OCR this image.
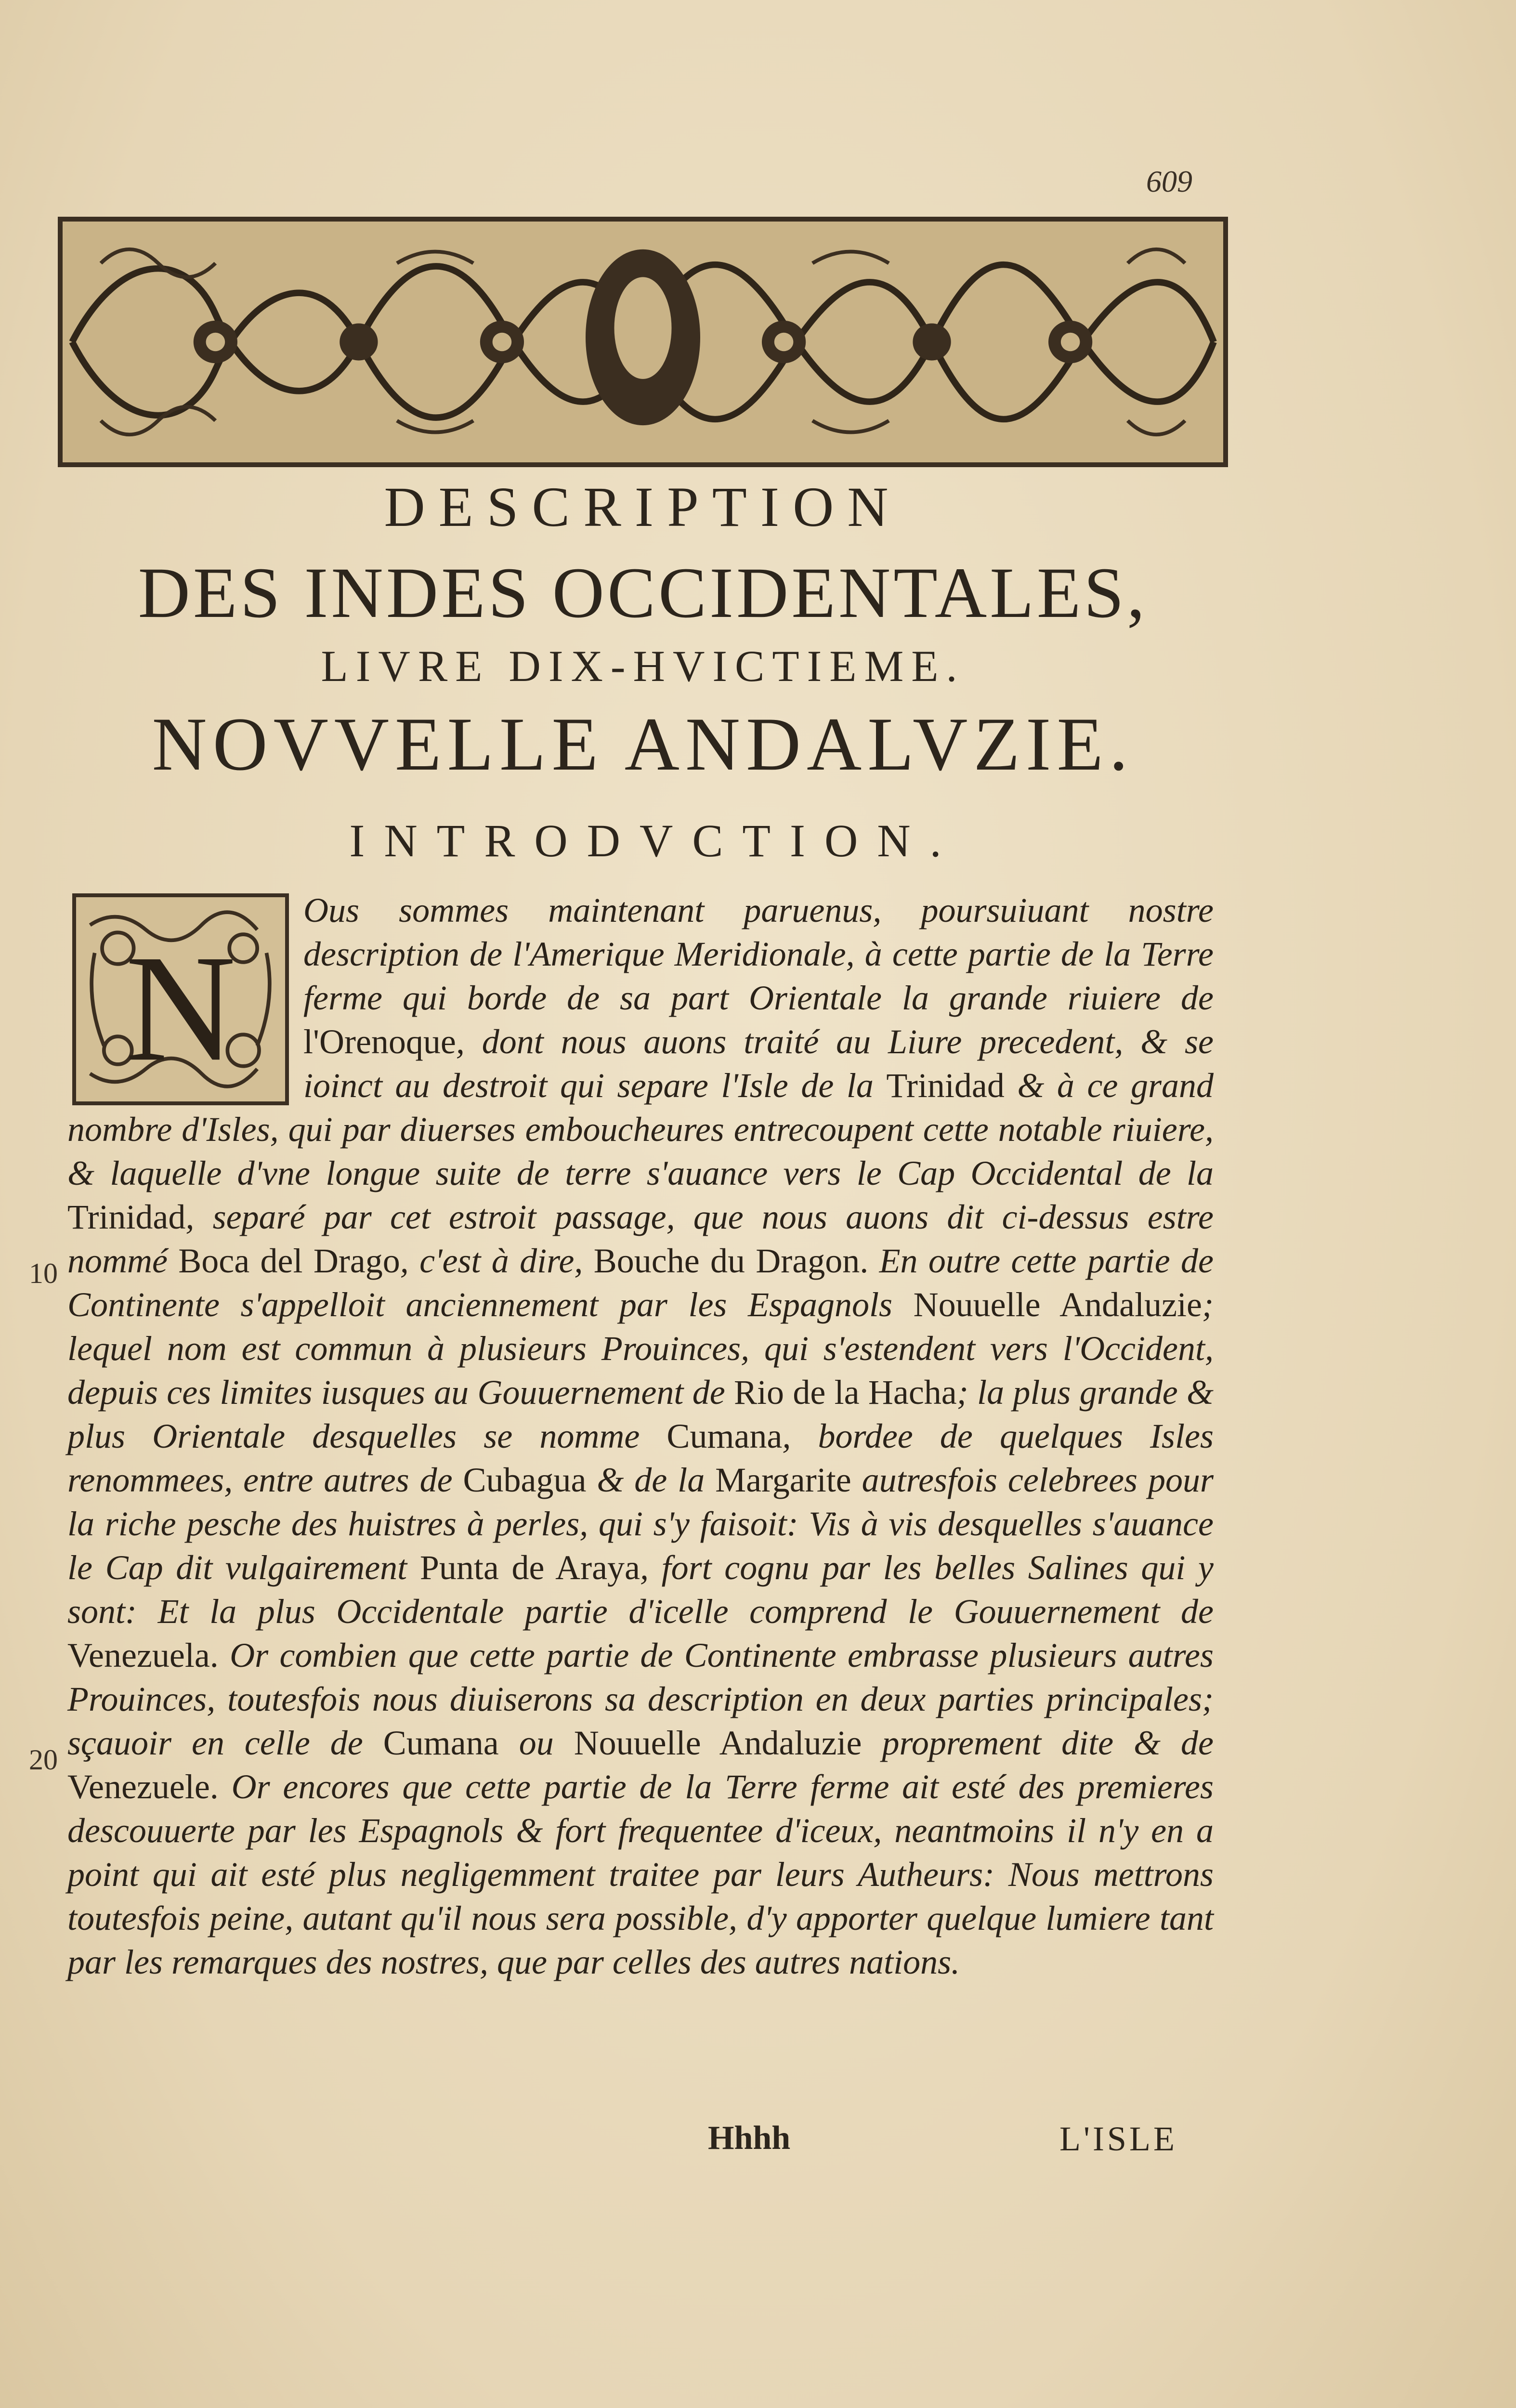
609
DESCRIPTION
DES INDES OCCIDENTALES,
LIVRE DIX-HVICTIEME.
NOVVELLE ANDALVZIE.
INTRODVCTION.
N

Ous sommes maintenant paruenus, poursuiuant nostre description de l'Amerique Meridionale, à cette partie de la Terre ferme qui borde de sa part Orientale la grande riuiere de l'Orenoque, dont nous auons traité au Liure precedent, & se ioinct au destroit qui separe l'Isle de la Trinidad & à ce grand nombre d'Isles, qui par diuerses emboucheures entrecoupent cette notable riuiere, & laquelle d'vne longue suite de terre s'auance vers le Cap Occidental de la Trinidad, separé par cet estroit passage, que nous auons dit ci-dessus estre nommé Boca del Drago, c'est à dire, Bouche du Dragon. En outre cette partie de Continente s'appelloit anciennement par les Espagnols Nouuelle Andaluzie; lequel nom est commun à plusieurs Prouinces, qui s'estendent vers l'Occident, depuis ces limites iusques au Gouuernement de Rio de la Hacha; la plus grande & plus Orientale desquelles se nomme Cumana, bordee de quelques Isles renommees, entre autres de Cubagua & de la Margarite autresfois celebrees pour la riche pesche des huistres à perles, qui s'y faisoit: Vis à vis desquelles s'auance le Cap dit vulgairement Punta de Araya, fort cognu par les belles Salines qui y sont: Et la plus Occidentale partie d'icelle comprend le Gouuernement de Venezuela. Or combien que cette partie de Continente embrasse plusieurs autres Prouinces, toutesfois nous diuiserons sa description en deux parties principales; sçauoir en celle de Cumana ou Nouuelle Andaluzie proprement dite & de Venezuele. Or encores que cette partie de la Terre ferme ait esté des premieres descouuerte par les Espagnols & fort frequentee d'iceux, neantmoins il n'y en a point qui ait esté plus negligemment traitee par leurs Autheurs: Nous mettrons toutesfois peine, autant qu'il nous sera possible, d'y apporter quelque lumiere tant par les remarques des nostres, que par celles des autres nations.

10
20
Hhhh	L'ISLE
